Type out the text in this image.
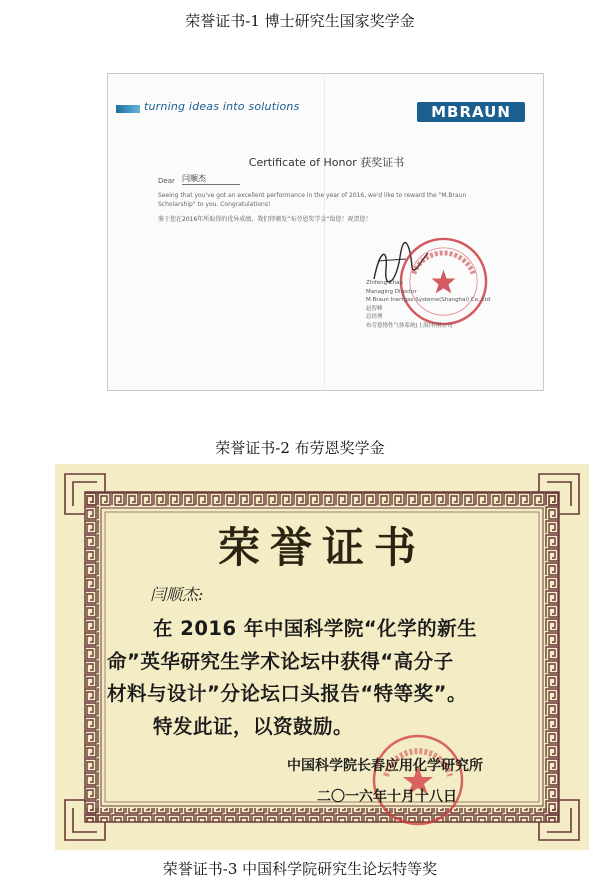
荣誉证书-1 博士研究生国家奖学金
turning ideas into solutions	MBRAUN
Certificate of Honor 获奖证书
Dear 闫顺杰
Seeing that you've got an excellent performance in the year of 2016, we'd like to reward the "M.Braun Scholarship" to you. Congratulations!
鉴于您在2016年所取得的优异成绩，我们特颁发“布劳恩奖学金”给您！祝贺您！
Zhifeng Zhao
Managing Director
M.Braun Inertgas-Systeme(Shanghai) Co.,Ltd
赵智峰
总经理
布劳恩惰性气体系统(上海)有限公司
荣誉证书-2 布劳恩奖学金
荣誉证书
闫顺杰:
在 2016 年中国科学院“化学的新生
命”英华研究生学术论坛中获得“高分子
材料与设计”分论坛口头报告“特等奖”。
特发此证，以资鼓励。
中国科学院长春应用化学研究所
二〇一六年十月十八日
荣誉证书-3 中国科学院研究生论坛特等奖
